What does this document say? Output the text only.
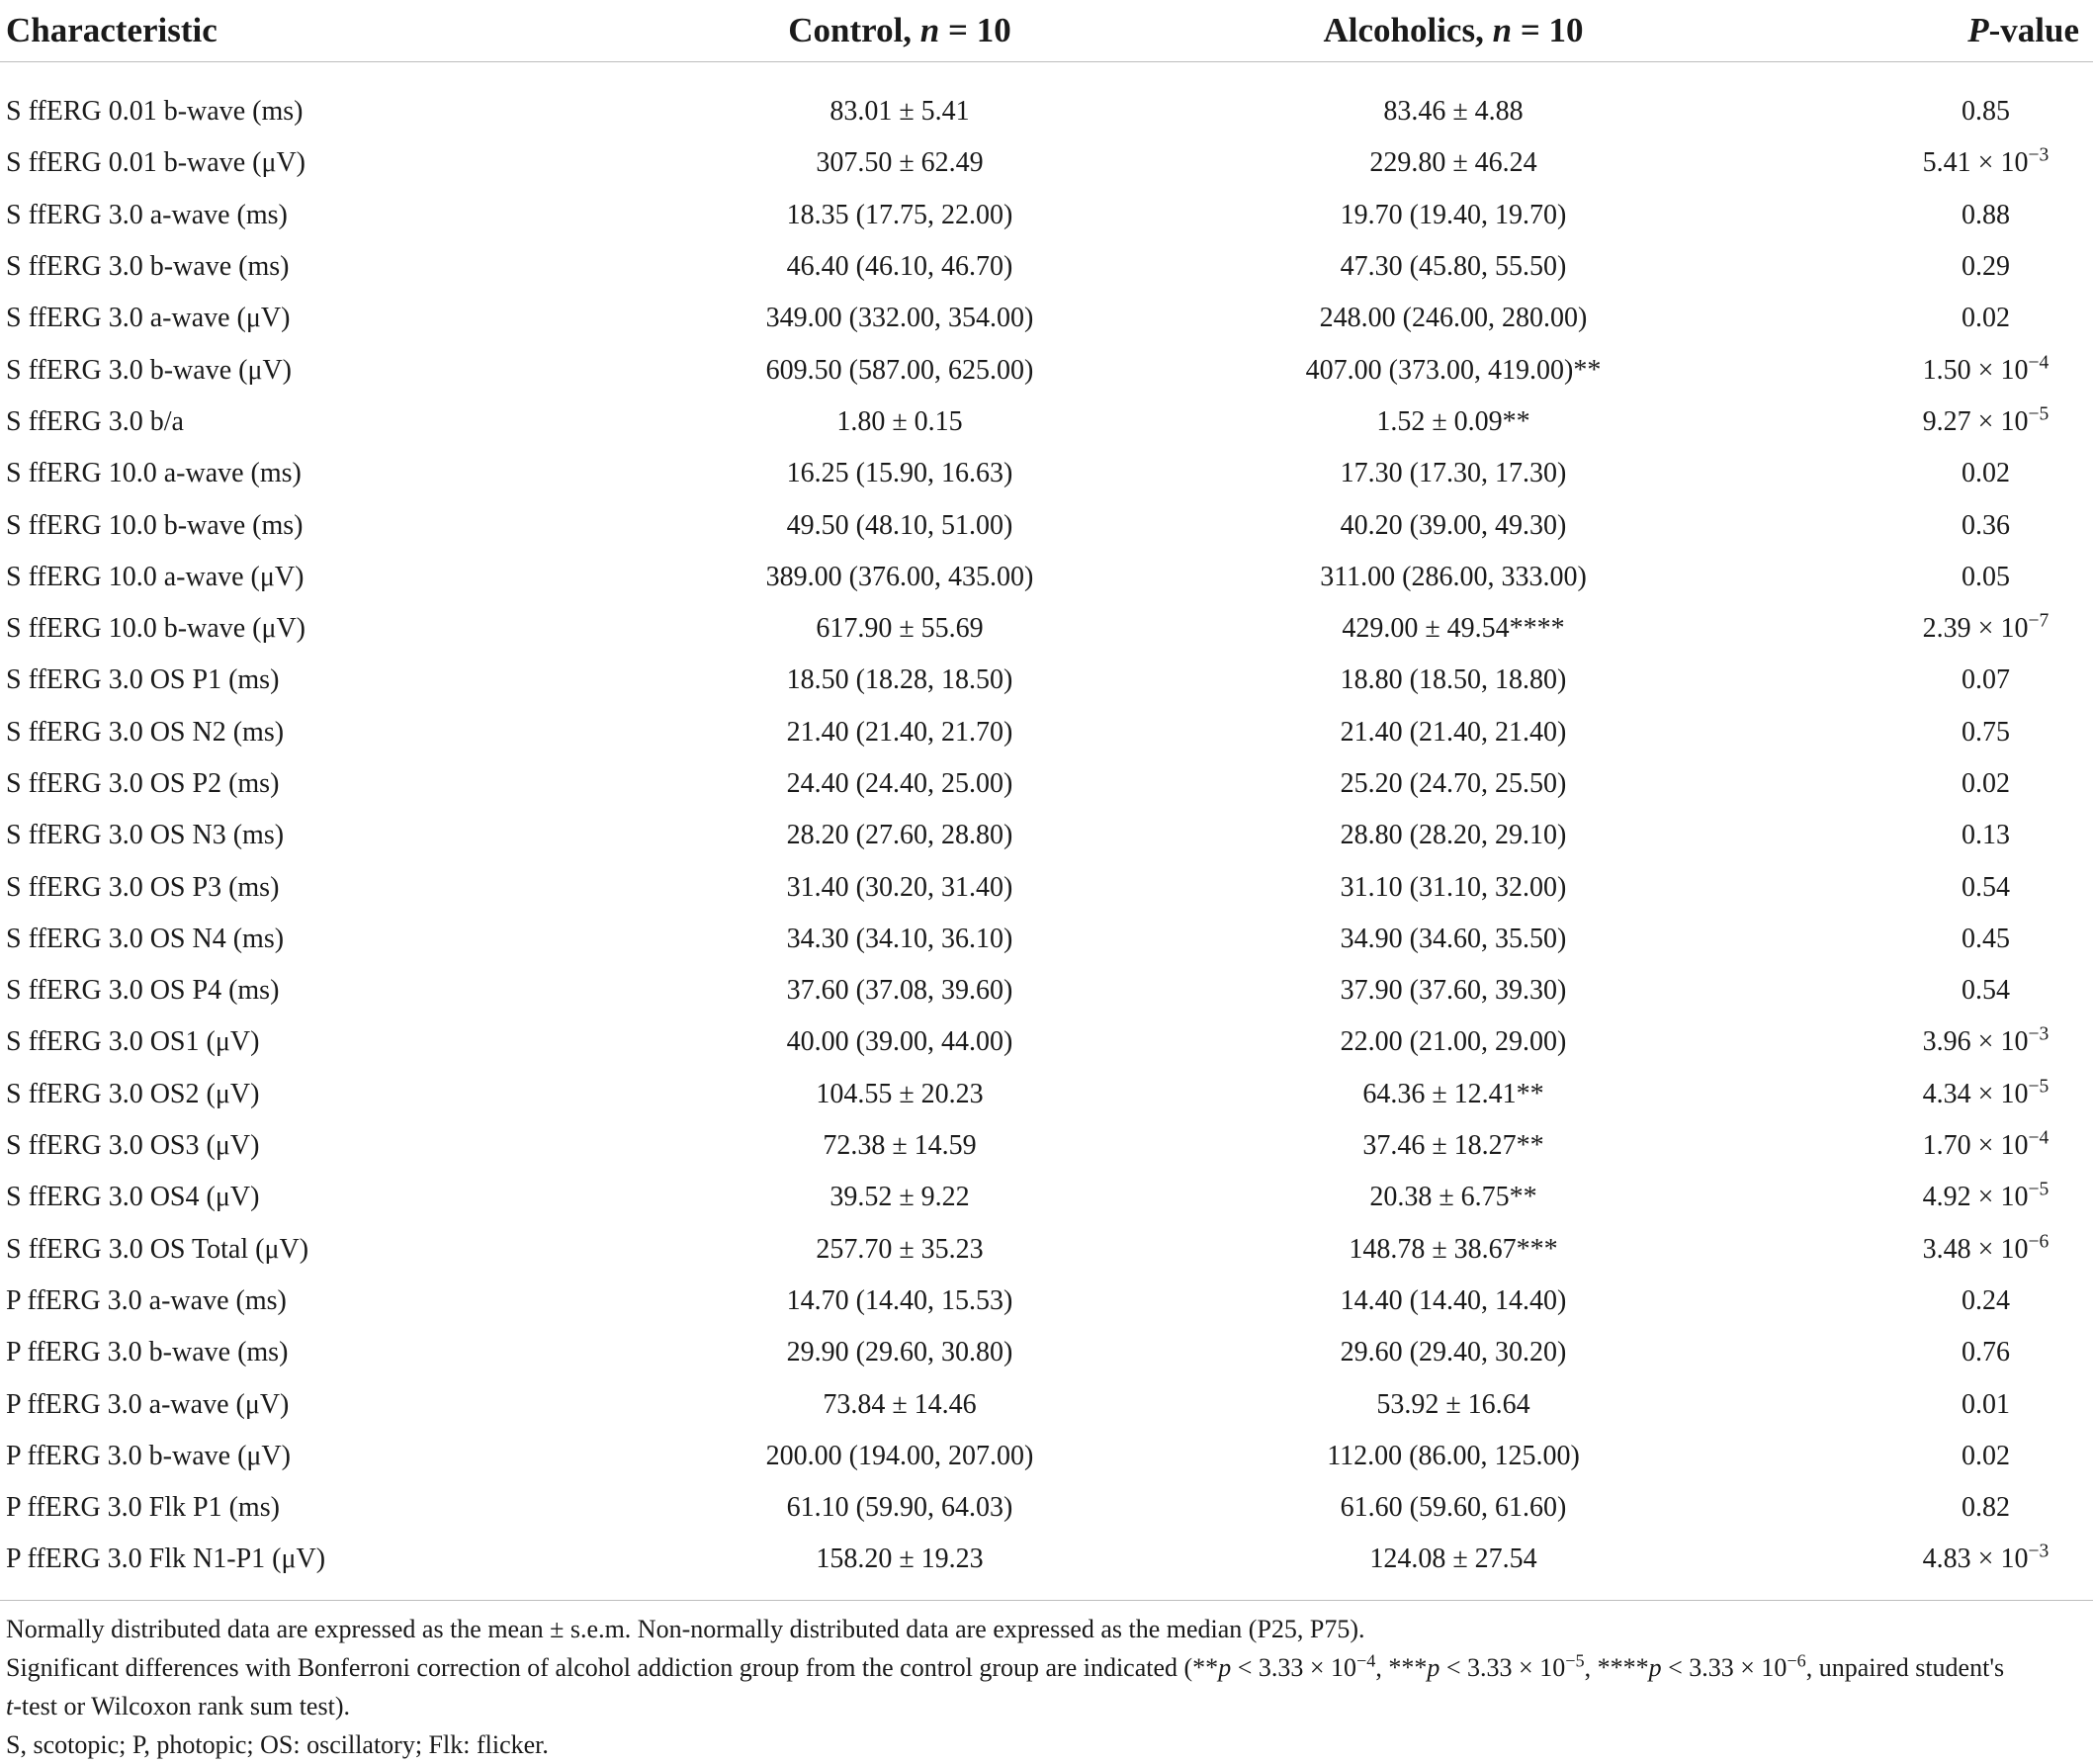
Characteristic	Control, n = 10	Alcoholics, n = 10	P-value
S ffERG 0.01 b-wave (ms)	83.01 ± 5.41	83.46 ± 4.88	0.85
S ffERG 0.01 b-wave (μV)	307.50 ± 62.49	229.80 ± 46.24	$5.41 \times 10^{-3}$
S ffERG 3.0 a-wave (ms)	18.35 (17.75, 22.00)	19.70 (19.40, 19.70)	0.88
S ffERG 3.0 b-wave (ms)	46.40 (46.10, 46.70)	47.30 (45.80, 55.50)	0.29
S ffERG 3.0 a-wave (μV)	349.00 (332.00, 354.00)	248.00 (246.00, 280.00)	0.02
S ffERG 3.0 b-wave (μV)	609.50 (587.00, 625.00)	407.00 (373.00, 419.00)**	$1.50 \times 10^{-4}$
S ffERG 3.0 b/a	1.80 ± 0.15	1.52 ± 0.09**	$9.27 \times 10^{-5}$
S ffERG 10.0 a-wave (ms)	16.25 (15.90, 16.63)	17.30 (17.30, 17.30)	0.02
S ffERG 10.0 b-wave (ms)	49.50 (48.10, 51.00)	40.20 (39.00, 49.30)	0.36
S ffERG 10.0 a-wave (μV)	389.00 (376.00, 435.00)	311.00 (286.00, 333.00)	0.05
S ffERG 10.0 b-wave (μV)	617.90 ± 55.69	429.00 ± 49.54****	$2.39 \times 10^{-7}$
S ffERG 3.0 OS P1 (ms)	18.50 (18.28, 18.50)	18.80 (18.50, 18.80)	0.07
S ffERG 3.0 OS N2 (ms)	21.40 (21.40, 21.70)	21.40 (21.40, 21.40)	0.75
S ffERG 3.0 OS P2 (ms)	24.40 (24.40, 25.00)	25.20 (24.70, 25.50)	0.02
S ffERG 3.0 OS N3 (ms)	28.20 (27.60, 28.80)	28.80 (28.20, 29.10)	0.13
S ffERG 3.0 OS P3 (ms)	31.40 (30.20, 31.40)	31.10 (31.10, 32.00)	0.54
S ffERG 3.0 OS N4 (ms)	34.30 (34.10, 36.10)	34.90 (34.60, 35.50)	0.45
S ffERG 3.0 OS P4 (ms)	37.60 (37.08, 39.60)	37.90 (37.60, 39.30)	0.54
S ffERG 3.0 OS1 (μV)	40.00 (39.00, 44.00)	22.00 (21.00, 29.00)	$3.96 \times 10^{-3}$
S ffERG 3.0 OS2 (μV)	104.55 ± 20.23	64.36 ± 12.41**	$4.34 \times 10^{-5}$
S ffERG 3.0 OS3 (μV)	72.38 ± 14.59	37.46 ± 18.27**	$1.70 \times 10^{-4}$
S ffERG 3.0 OS4 (μV)	39.52 ± 9.22	20.38 ± 6.75**	$4.92 \times 10^{-5}$
S ffERG 3.0 OS Total (μV)	257.70 ± 35.23	148.78 ± 38.67***	$3.48 \times 10^{-6}$
P ffERG 3.0 a-wave (ms)	14.70 (14.40, 15.53)	14.40 (14.40, 14.40)	0.24
P ffERG 3.0 b-wave (ms)	29.90 (29.60, 30.80)	29.60 (29.40, 30.20)	0.76
P ffERG 3.0 a-wave (μV)	73.84 ± 14.46	53.92 ± 16.64	0.01
P ffERG 3.0 b-wave (μV)	200.00 (194.00, 207.00)	112.00 (86.00, 125.00)	0.02
P ffERG 3.0 Flk P1 (ms)	61.10 (59.90, 64.03)	61.60 (59.60, 61.60)	0.82
P ffERG 3.0 Flk N1-P1 (μV)	158.20 ± 19.23	124.08 ± 27.54	$4.83 \times 10^{-3}$

Normally distributed data are expressed as the mean ± s.e.m. Non-normally distributed data are expressed as the median (P25, P75).

Significant differences with Bonferroni correction of alcohol addiction group from the control group are indicated ($**p < 3.33 \times 10^{-4}$, $***p < 3.33 \times 10^{-5}$, $****p < 3.33 \times 10^{-6}$, unpaired student's
t-test or Wilcoxon rank sum test).

S, scotopic; P, photopic; OS: oscillatory; Flk: flicker.
